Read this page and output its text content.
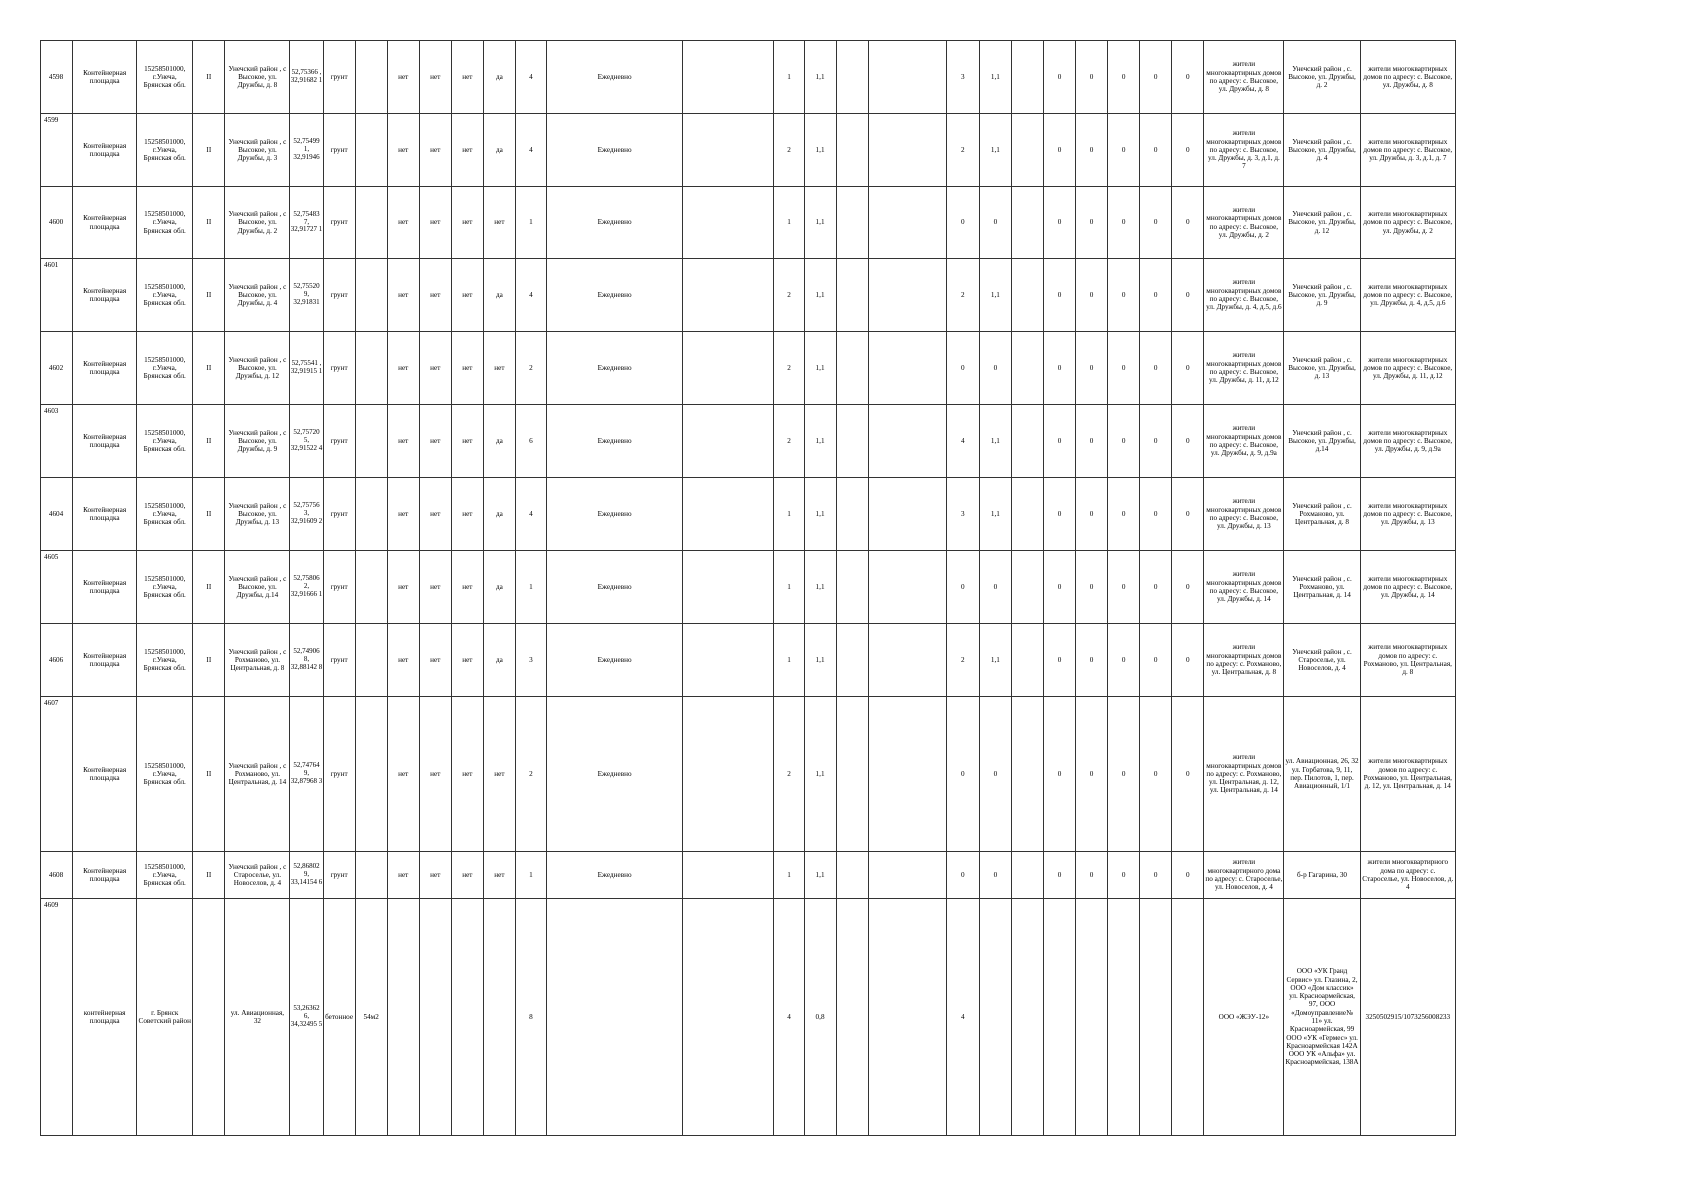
4598	Контейнерная площадка	15258501000, г.Унеча, Брянская обл.	II	Унечский район , с Высокое, ул. Дружбы, д. 8	52,75366 , 32,91682 1	грунт		нет	нет	нет	да	4	Ежедневно		1	1,1			3	1,1		0	0	0	0	0	жители многоквартирных домов по адресу: с. Высокое, ул. Дружбы, д. 8	Унечский район , с. Высокое, ул. Дружбы, д. 2	жители многоквартирных домов по адресу: с. Высокое, ул. Дружбы, д. 8
4599	Контейнерная площадка	15258501000, г.Унеча, Брянская обл.	II	Унечский район , с Высокое, ул. Дружбы, д. 3	52,75499 1, 32,91946	грунт		нет	нет	нет	да	4	Ежедневно		2	1,1			2	1,1		0	0	0	0	0	жители многоквартирных домов по адресу: с. Высокое, ул. Дружбы, д. 3, д.1, д. 7	Унечский район , с. Высокое, ул. Дружбы, д. 4	жители многоквартирных домов по адресу: с. Высокое, ул. Дружбы, д. 3, д.1, д. 7
4600	Контейнерная площадка	15258501000, г.Унеча, Брянская обл.	II	Унечский район , с Высокое, ул. Дружбы, д. 2	52,75483 7, 32,91727 1	грунт		нет	нет	нет	нет	1	Ежедневно		1	1,1			0	0		0	0	0	0	0	жители многоквартирных домов по адресу: с. Высокое, ул. Дружбы, д. 2	Унечский район , с. Высокое, ул. Дружбы, д. 12	жители многоквартирных домов по адресу: с. Высокое, ул. Дружбы, д. 2
4601	Контейнерная площадка	15258501000, г.Унеча, Брянская обл.	II	Унечский район , с Высокое, ул. Дружбы, д. 4	52,75520 9, 32,91831	грунт		нет	нет	нет	да	4	Ежедневно		2	1,1			2	1,1		0	0	0	0	0	жители многоквартирных домов по адресу: с. Высокое, ул. Дружбы, д. 4, д.5, д.6	Унечский район , с. Высокое, ул. Дружбы, д. 9	жители многоквартирных домов по адресу: с. Высокое, ул. Дружбы, д. 4, д.5, д.6
4602	Контейнерная площадка	15258501000, г.Унеча, Брянская обл.	II	Унечский район , с Высокое, ул. Дружбы, д. 12	52,75541 , 32,91915 1	грунт		нет	нет	нет	нет	2	Ежедневно		2	1,1			0	0		0	0	0	0	0	жители многоквартирных домов по адресу: с. Высокое, ул. Дружбы, д. 11, д.12	Унечский район , с. Высокое, ул. Дружбы, д. 13	жители многоквартирных домов по адресу: с. Высокое, ул. Дружбы, д. 11, д.12
4603	Контейнерная площадка	15258501000, г.Унеча, Брянская обл.	II	Унечский район , с Высокое, ул. Дружбы, д. 9	52,75720 5, 32,91522 4	грунт		нет	нет	нет	да	6	Ежедневно		2	1,1			4	1,1		0	0	0	0	0	жители многоквартирных домов по адресу: с. Высокое, ул. Дружбы, д. 9, д.9а	Унечский район , с. Высокое, ул. Дружбы, д.14	жители многоквартирных домов по адресу: с. Высокое, ул. Дружбы, д. 9, д.9а
4604	Контейнерная площадка	15258501000, г.Унеча, Брянская обл.	II	Унечский район , с Высокое, ул. Дружбы, д. 13	52,75756 3, 32,91609 2	грунт		нет	нет	нет	да	4	Ежедневно		1	1,1			3	1,1		0	0	0	0	0	жители многоквартирных домов по адресу: с. Высокое, ул. Дружбы, д. 13	Унечский район , с. Рохманово, ул. Центральная, д. 8	жители многоквартирных домов по адресу: с. Высокое, ул. Дружбы, д. 13
4605	Контейнерная площадка	15258501000, г.Унеча, Брянская обл.	II	Унечский район , с Высокое, ул. Дружбы, д.14	52,75806 2, 32,91666 1	грунт		нет	нет	нет	да	1	Ежедневно		1	1,1			0	0		0	0	0	0	0	жители многоквартирных домов по адресу: с. Высокое, ул. Дружбы, д. 14	Унечский район , с. Рохманово, ул. Центральная, д. 14	жители многоквартирных домов по адресу: с. Высокое, ул. Дружбы, д. 14
4606	Контейнерная площадка	15258501000, г.Унеча, Брянская обл.	II	Унечский район , с Рохманово, ул. Центральная, д. 8	52,74906 8, 32,88142 8	грунт		нет	нет	нет	да	3	Ежедневно		1	1,1			2	1,1		0	0	0	0	0	жители многоквартирных домов по адресу: с. Рохманово, ул. Центральная, д. 8	Унечский район , с. Старосельe, ул. Новоселов, д. 4	жители многоквартирных домов по адресу: с. Рохманово, ул. Центральная, д. 8
4607	Контейнерная площадка	15258501000, г.Унеча, Брянская обл.	II	Унечский район , с Рохманово, ул. Центральная, д. 14	52,74764 9, 32,87968 3	грунт		нет	нет	нет	нет	2	Ежедневно		2	1,1			0	0		0	0	0	0	0	жители многоквартирных домов по адресу: с. Рохманово, ул. Центральная, д. 12, ул. Центральная, д. 14	ул. Авиационная, 26, 32 ул. Горбатова, 9, 11, пер. Пилотов, 1, пер. Авиационный, 1/1	жители многоквартирных домов по адресу: с. Рохманово, ул. Центральная, д. 12, ул. Центральная, д. 14
4608	Контейнерная площадка	15258501000, г.Унеча, Брянская обл.	II	Унечский район , с Старосельe, ул. Новоселов, д. 4	52,86802 9, 33,14154 6	грунт		нет	нет	нет	нет	1	Ежедневно		1	1,1			0	0		0	0	0	0	0	жители многоквартирного дома по адресу: с. Старосельe, ул. Новоселов, д. 4	б-р Гагарина, 30	жители многоквартирного дома по адресу: с. Старосельe, ул. Новоселов, д. 4
4609	контейнерная площадка	г. Брянск Советский район		ул. Авиационная, 32	53,26362 6, 34,32495 5	бетонное	54м2					8			4	0,8			4								ООО «ЖЭУ-12»	ООО «УК Гранд Сервис» ул. Глазина, 2, ООО «Дом классик» ул. Красноармейская, 97, ООО «Домоуправление№ 11» ул. Красноармейская, 99 ООО «УК «Гермес» ул. Красноармейская 142А ООО УК «Альфа» ул. Красноармейская, 138А	3250502915/1073256008233
